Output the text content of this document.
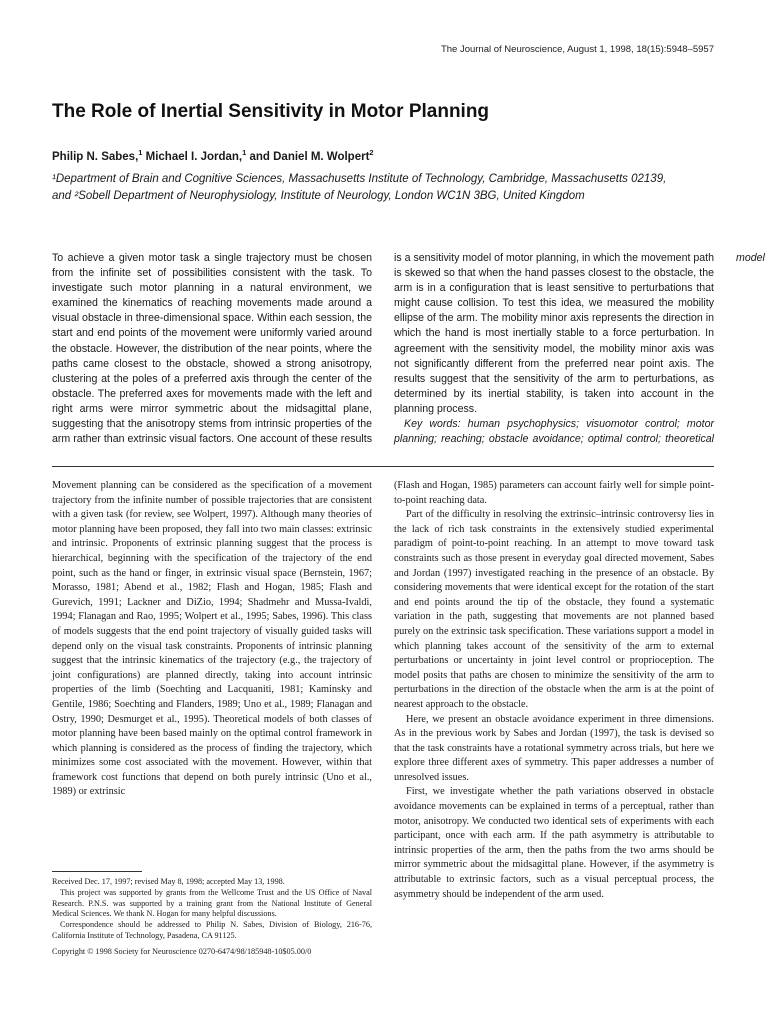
The Journal of Neuroscience, August 1, 1998, 18(15):5948–5957
The Role of Inertial Sensitivity in Motor Planning
Philip N. Sabes,$^1$ Michael I. Jordan,$^1$ and Daniel M. Wolpert$^2$
¹Department of Brain and Cognitive Sciences, Massachusetts Institute of Technology, Cambridge, Massachusetts 02139,
and ²Sobell Department of Neurophysiology, Institute of Neurology, London WC1N 3BG, United Kingdom

To achieve a given motor task a single trajectory must be chosen from the infinite set of possibilities consistent with the task. To investigate such motor planning in a natural environment, we examined the kinematics of reaching movements made around a visual obstacle in three-dimensional space. Within each session, the start and end points of the movement were uniformly varied around the obstacle. However, the distribution of the near points, where the paths came closest to the obstacle, showed a strong anisotropy, clustering at the poles of a preferred axis through the center of the obstacle. The preferred axes for movements made with the left and right arms were mirror symmetric about the midsagittal plane, suggesting that the anisotropy stems from intrinsic properties of the arm rather than extrinsic visual factors. One account of these results is a sensitivity model of motor planning, in which the movement path is skewed so that when the hand passes closest to the obstacle, the arm is in a configuration that is least sensitive to perturbations that might cause collision. To test this idea, we measured the mobility ellipse of the arm. The mobility minor axis represents the direction in which the hand is most inertially stable to a force perturbation. In agreement with the sensitivity model, the mobility minor axis was not significantly different from the preferred near point axis. The results suggest that the sensitivity of the arm to perturbations, as determined by its inertial stability, is taken into account in the planning process.

Key words: human psychophysics; visuomotor control; motor planning; reaching; obstacle avoidance; optimal control; theoretical model

Movement planning can be considered as the specification of a movement trajectory from the infinite number of possible trajectories that are consistent with a given task (for review, see Wolpert, 1997). Although many theories of motor planning have been proposed, they fall into two main classes: extrinsic and intrinsic. Proponents of extrinsic planning suggest that the process is hierarchical, beginning with the specification of the trajectory of the end point, such as the hand or finger, in extrinsic visual space (Bernstein, 1967; Morasso, 1981; Abend et al., 1982; Flash and Hogan, 1985; Flash and Gurevich, 1991; Lackner and DiZio, 1994; Shadmehr and Mussa-Ivaldi, 1994; Flanagan and Rao, 1995; Wolpert et al., 1995; Sabes, 1996). This class of models suggests that the end point trajectory of visually guided tasks will depend only on the visual task constraints. Proponents of intrinsic planning suggest that the intrinsic kinematics of the trajectory (e.g., the trajectory of joint configurations) are planned directly, taking into account intrinsic properties of the limb (Soechting and Lacquaniti, 1981; Kaminsky and Gentile, 1986; Soechting and Flanders, 1989; Uno et al., 1989; Flanagan and Ostry, 1990; Desmurget et al., 1995). Theoretical models of both classes of motor planning have been based mainly on the optimal control framework in which planning is considered as the process of finding the trajectory, which minimizes some cost associated with the movement. However, within that framework cost functions that depend on both purely intrinsic (Uno et al., 1989) or extrinsic

(Flash and Hogan, 1985) parameters can account fairly well for simple point-to-point reaching data.

Part of the difficulty in resolving the extrinsic–intrinsic controversy lies in the lack of rich task constraints in the extensively studied experimental paradigm of point-to-point reaching. In an attempt to move toward task constraints such as those present in everyday goal directed movement, Sabes and Jordan (1997) investigated reaching in the presence of an obstacle. By considering movements that were identical except for the rotation of the start and end points around the tip of the obstacle, they found a systematic variation in the path, suggesting that movements are not planned based purely on the extrinsic task specification. These variations support a model in which planning takes account of the sensitivity of the arm to external perturbations or uncertainty in joint level control or proprioception. The model posits that paths are chosen to minimize the sensitivity of the arm to perturbations in the direction of the obstacle when the arm is at the point of nearest approach to the obstacle.

Here, we present an obstacle avoidance experiment in three dimensions. As in the previous work by Sabes and Jordan (1997), the task is devised so that the task constraints have a rotational symmetry across trials, but here we explore three different axes of symmetry. This paper addresses a number of unresolved issues.

First, we investigate whether the path variations observed in obstacle avoidance movements can be explained in terms of a perceptual, rather than motor, anisotropy. We conducted two identical sets of experiments with each participant, once with each arm. If the path asymmetry is attributable to intrinsic properties of the arm, then the paths from the two arms should be mirror symmetric about the midsagittal plane. However, if the asymmetry is attributable to extrinsic factors, such as a visual perceptual process, the asymmetry should be independent of the arm used.

Received Dec. 17, 1997; revised May 8, 1998; accepted May 13, 1998.

This project was supported by grants from the Wellcome Trust and the US Office of Naval Research. P.N.S. was supported by a training grant from the National Institute of General Medical Sciences. We thank N. Hogan for many helpful discussions.

Correspondence should be addressed to Philip N. Sabes, Division of Biology, 216-76, California Institute of Technology, Pasadena, CA 91125.

Copyright © 1998 Society for Neuroscience 0270-6474/98/185948-10$05.00/0
